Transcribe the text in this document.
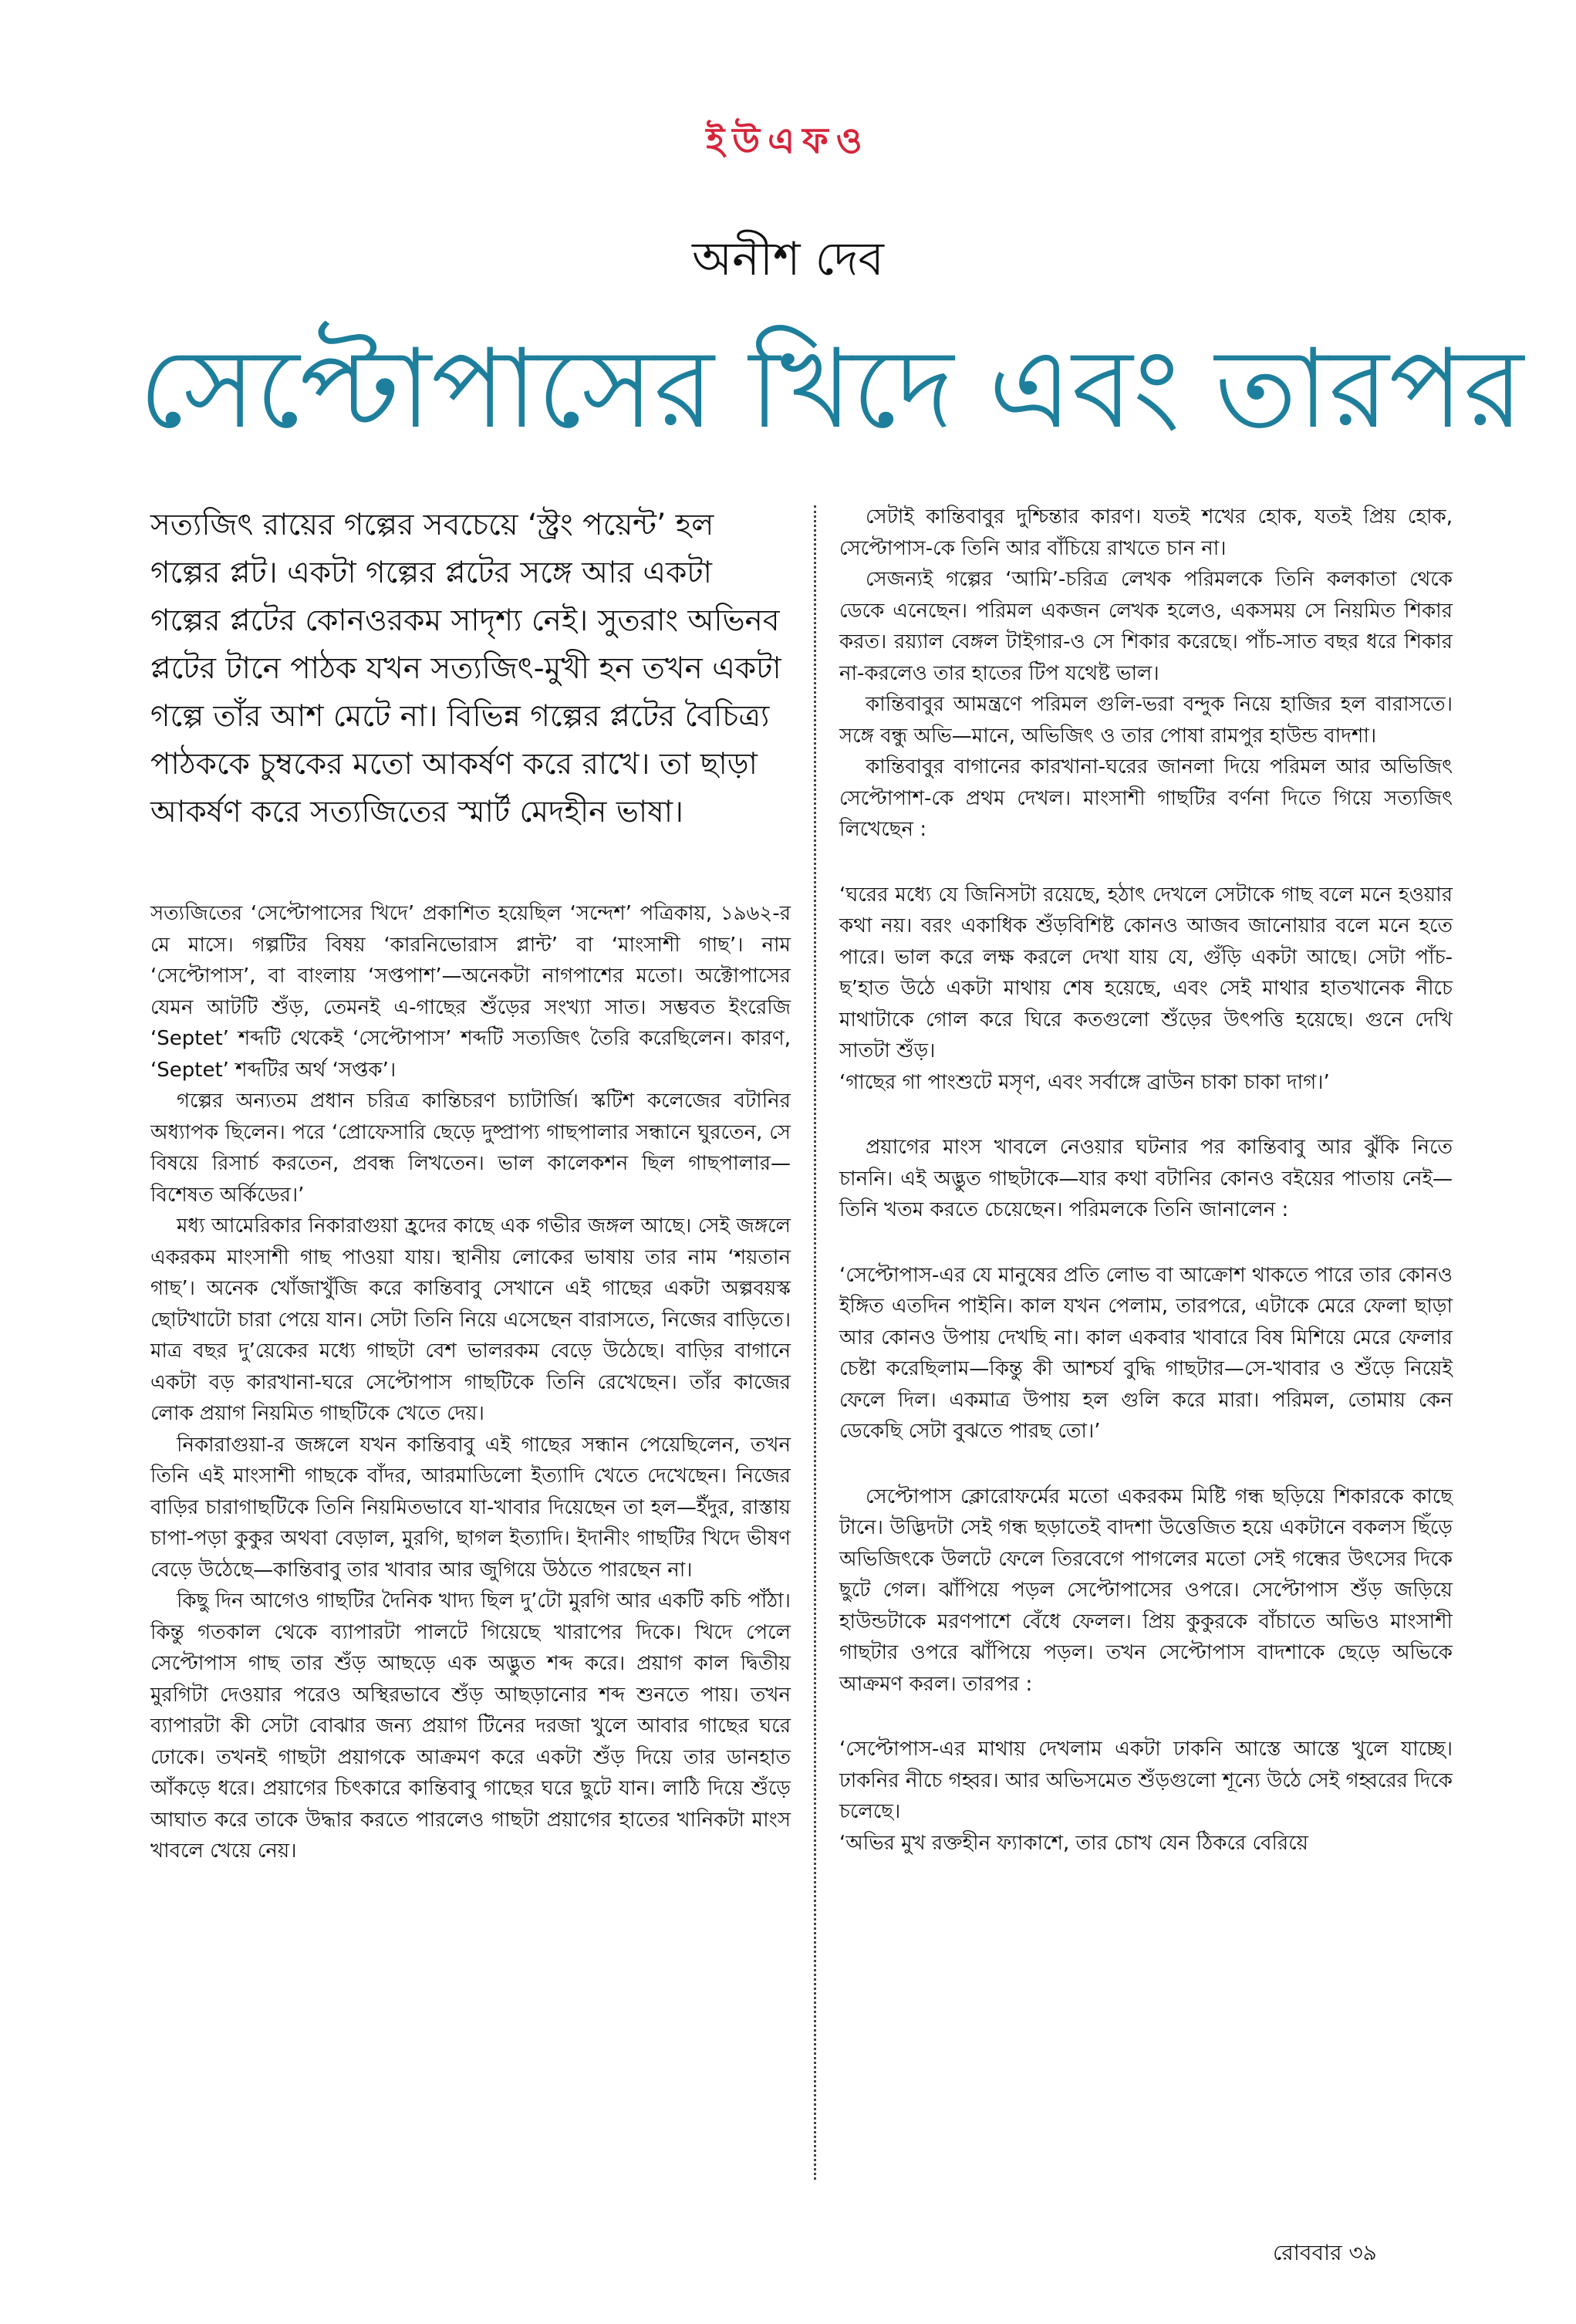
ইউএফও
অনীশ দেব
সেপ্টোপাসের খিদে এবং তারপর

সত্যজিৎ রায়ের গল্পের সবচেয়ে ‘স্ট্রং পয়েন্ট’ হল গল্পের প্লট। একটা গল্পের প্লটের সঙ্গে আর একটা গল্পের প্লটের কোনওরকম সাদৃশ্য নেই। সুতরাং অভিনব প্লটের টানে পাঠক যখন সত্যজিৎ-মুখী হন তখন একটা গল্পে তাঁর আশ মেটে না। বিভিন্ন গল্পের প্লটের বৈচিত্র্য পাঠককে চুম্বকের মতো আকর্ষণ করে রাখে। তা ছাড়া আকর্ষণ করে সত্যজিতের স্মার্ট মেদহীন ভাষা।

সত্যজিতের ‘সেপ্টোপাসের খিদে’ প্রকাশিত হয়েছিল ‘সন্দেশ’ পত্রিকায়, ১৯৬২-র মে মাসে। গল্পটির বিষয় ‘কারনিভোরাস প্লান্ট’ বা ‘মাংসাশী গাছ’। নাম ‘সেপ্টোপাস’, বা বাংলায় ‘সপ্তপাশ’—অনেকটা নাগপাশের মতো। অক্টোপাসের যেমন আটটি শুঁড়, তেমনই এ-গাছের শুঁড়ের সংখ্যা সাত। সম্ভবত ইংরেজি ‘Septet’ শব্দটি থেকেই ‘সেপ্টোপাস’ শব্দটি সত্যজিৎ তৈরি করেছিলেন। কারণ, ‘Septet’ শব্দটির অর্থ ‘সপ্তক’।

গল্পের অন্যতম প্রধান চরিত্র কান্তিচরণ চ্যাটার্জি। স্কটিশ কলেজের বটানির অধ্যাপক ছিলেন। পরে ‘প্রোফেসারি ছেড়ে দুষ্প্রাপ্য গাছপালার সন্ধানে ঘুরতেন, সে বিষয়ে রিসার্চ করতেন, প্রবন্ধ লিখতেন। ভাল কালেকশন ছিল গাছপালার—বিশেষত অর্কিডের।’

মধ্য আমেরিকার নিকারাগুয়া হ্রদের কাছে এক গভীর জঙ্গল আছে। সেই জঙ্গলে একরকম মাংসাশী গাছ পাওয়া যায়। স্থানীয় লোকের ভাষায় তার নাম ‘শয়তান গাছ’। অনেক খোঁজাখুঁজি করে কান্তিবাবু সেখানে এই গাছের একটা অল্পবয়স্ক ছোটখাটো চারা পেয়ে যান। সেটা তিনি নিয়ে এসেছেন বারাসতে, নিজের বাড়িতে। মাত্র বছর দু’য়েকের মধ্যে গাছটা বেশ ভালরকম বেড়ে উঠেছে। বাড়ির বাগানে একটা বড় কারখানা-ঘরে সেপ্টোপাস গাছটিকে তিনি রেখেছেন। তাঁর কাজের লোক প্রয়াগ নিয়মিত গাছটিকে খেতে দেয়।

নিকারাগুয়া-র জঙ্গলে যখন কান্তিবাবু এই গাছের সন্ধান পেয়েছিলেন, তখন তিনি এই মাংসাশী গাছকে বাঁদর, আরমাডিলো ইত্যাদি খেতে দেখেছেন। নিজের বাড়ির চারাগাছটিকে তিনি নিয়মিতভাবে যা-খাবার দিয়েছেন তা হল—ইঁদুর, রাস্তায় চাপা-পড়া কুকুর অথবা বেড়াল, মুরগি, ছাগল ইত্যাদি। ইদানীং গাছটির খিদে ভীষণ বেড়ে উঠেছে—কান্তিবাবু তার খাবার আর জুগিয়ে উঠতে পারছেন না।

কিছু দিন আগেও গাছটির দৈনিক খাদ্য ছিল দু’টো মুরগি আর একটি কচি পাঁঠা। কিন্তু গতকাল থেকে ব্যাপারটা পালটে গিয়েছে খারাপের দিকে। খিদে পেলে সেপ্টোপাস গাছ তার শুঁড় আছড়ে এক অদ্ভুত শব্দ করে। প্রয়াগ কাল দ্বিতীয় মুরগিটা দেওয়ার পরেও অস্থিরভাবে শুঁড় আছড়ানোর শব্দ শুনতে পায়। তখন ব্যাপারটা কী সেটা বোঝার জন্য প্রয়াগ টিনের দরজা খুলে আবার গাছের ঘরে ঢোকে। তখনই গাছটা প্রয়াগকে আক্রমণ করে একটা শুঁড় দিয়ে তার ডানহাত আঁকড়ে ধরে। প্রয়াগের চিৎকারে কান্তিবাবু গাছের ঘরে ছুটে যান। লাঠি দিয়ে শুঁড়ে আঘাত করে তাকে উদ্ধার করতে পারলেও গাছটা প্রয়াগের হাতের খানিকটা মাংস খাবলে খেয়ে নেয়।

সেটাই কান্তিবাবুর দুশ্চিন্তার কারণ। যতই শখের হোক, যতই প্রিয় হোক, সেপ্টোপাস-কে তিনি আর বাঁচিয়ে রাখতে চান না।

সেজন্যই গল্পের ‘আমি’-চরিত্র লেখক পরিমলকে তিনি কলকাতা থেকে ডেকে এনেছেন। পরিমল একজন লেখক হলেও, একসময় সে নিয়মিত শিকার করত। রয়্যাল বেঙ্গল টাইগার-ও সে শিকার করেছে। পাঁচ-সাত বছর ধরে শিকার না-করলেও তার হাতের টিপ যথেষ্ট ভাল।

কান্তিবাবুর আমন্ত্রণে পরিমল গুলি-ভরা বন্দুক নিয়ে হাজির হল বারাসতে। সঙ্গে বন্ধু অভি—মানে, অভিজিৎ ও তার পোষা রামপুর হাউন্ড বাদশা।

কান্তিবাবুর বাগানের কারখানা-ঘরের জানলা দিয়ে পরিমল আর অভিজিৎ সেপ্টোপাশ-কে প্রথম দেখল। মাংসাশী গাছটির বর্ণনা দিতে গিয়ে সত্যজিৎ লিখেছেন :

‘ঘরের মধ্যে যে জিনিসটা রয়েছে, হঠাৎ দেখলে সেটাকে গাছ বলে মনে হওয়ার কথা নয়। বরং একাধিক শুঁড়বিশিষ্ট কোনও আজব জানোয়ার বলে মনে হতে পারে। ভাল করে লক্ষ করলে দেখা যায় যে, গুঁড়ি একটা আছে। সেটা পাঁচ-ছ’হাত উঠে একটা মাথায় শেষ হয়েছে, এবং সেই মাথার হাতখানেক নীচে মাথাটাকে গোল করে ঘিরে কতগুলো শুঁড়ের উৎপত্তি হয়েছে। গুনে দেখি সাতটা শুঁড়।

‘গাছের গা পাংশুটে মসৃণ, এবং সর্বাঙ্গে ব্রাউন চাকা চাকা দাগ।’

প্রয়াগের মাংস খাবলে নেওয়ার ঘটনার পর কান্তিবাবু আর ঝুঁকি নিতে চাননি। এই অদ্ভুত গাছটাকে—যার কথা বটানির কোনও বইয়ের পাতায় নেই—তিনি খতম করতে চেয়েছেন। পরিমলকে তিনি জানালেন :

‘সেপ্টোপাস-এর যে মানুষের প্রতি লোভ বা আক্রোশ থাকতে পারে তার কোনও ইঙ্গিত এতদিন পাইনি। কাল যখন পেলাম, তারপরে, এটাকে মেরে ফেলা ছাড়া আর কোনও উপায় দেখছি না। কাল একবার খাবারে বিষ মিশিয়ে মেরে ফেলার চেষ্টা করেছিলাম—কিন্তু কী আশ্চর্য বুদ্ধি গাছটার—সে-খাবার ও শুঁড়ে নিয়েই ফেলে দিল। একমাত্র উপায় হল গুলি করে মারা। পরিমল, তোমায় কেন ডেকেছি সেটা বুঝতে পারছ তো।’

সেপ্টোপাস ক্লোরোফর্মের মতো একরকম মিষ্টি গন্ধ ছড়িয়ে শিকারকে কাছে টানে। উদ্ভিদটা সেই গন্ধ ছড়াতেই বাদশা উত্তেজিত হয়ে একটানে বকলস ছিঁড়ে অভিজিৎকে উলটে ফেলে তিরবেগে পাগলের মতো সেই গন্ধের উৎসের দিকে ছুটে গেল। ঝাঁপিয়ে পড়ল সেপ্টোপাসের ওপরে। সেপ্টোপাস শুঁড় জড়িয়ে হাউন্ডটাকে মরণপাশে বেঁধে ফেলল। প্রিয় কুকুরকে বাঁচাতে অভিও মাংসাশী গাছটার ওপরে ঝাঁপিয়ে পড়ল। তখন সেপ্টোপাস বাদশাকে ছেড়ে অভিকে আক্রমণ করল। তারপর :

‘সেপ্টোপাস-এর মাথায় দেখলাম একটা ঢাকনি আস্তে আস্তে খুলে যাচ্ছে। ঢাকনির নীচে গহ্বর। আর অভিসমেত শুঁড়গুলো শূন্যে উঠে সেই গহ্বরের দিকে চলেছে।

‘অভির মুখ রক্তহীন ফ্যাকাশে, তার চোখ যেন ঠিকরে বেরিয়ে

রোববার ৩৯
